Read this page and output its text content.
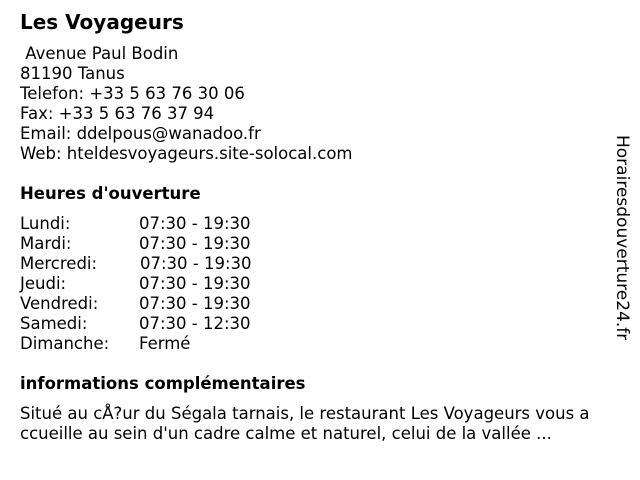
Les Voyageurs
Avenue Paul Bodin
81190 Tanus
Telefon: +33 5 63 76 30 06
Fax: +33 5 63 76 37 94
Email: ddelpous@wanadoo.fr
Web: hteldesvoyageurs.site-solocal.com
Heures d'ouverture
Lundi:	07:30 - 19:30
Mardi:	07:30 - 19:30
Mercredi:	07:30 - 19:30
Jeudi:	07:30 - 19:30
Vendredi: 07:30 - 19:30
Samedi:	07:30 - 12:30
Dimanche: Fermé
informations complémentaires
Situé au cÅ?ur du Ségala tarnais, le restaurant Les Voyageurs vous a
ccueille au sein d'un cadre calme et naturel, celui de la vallée ...
Horairesdouverture24.fr
